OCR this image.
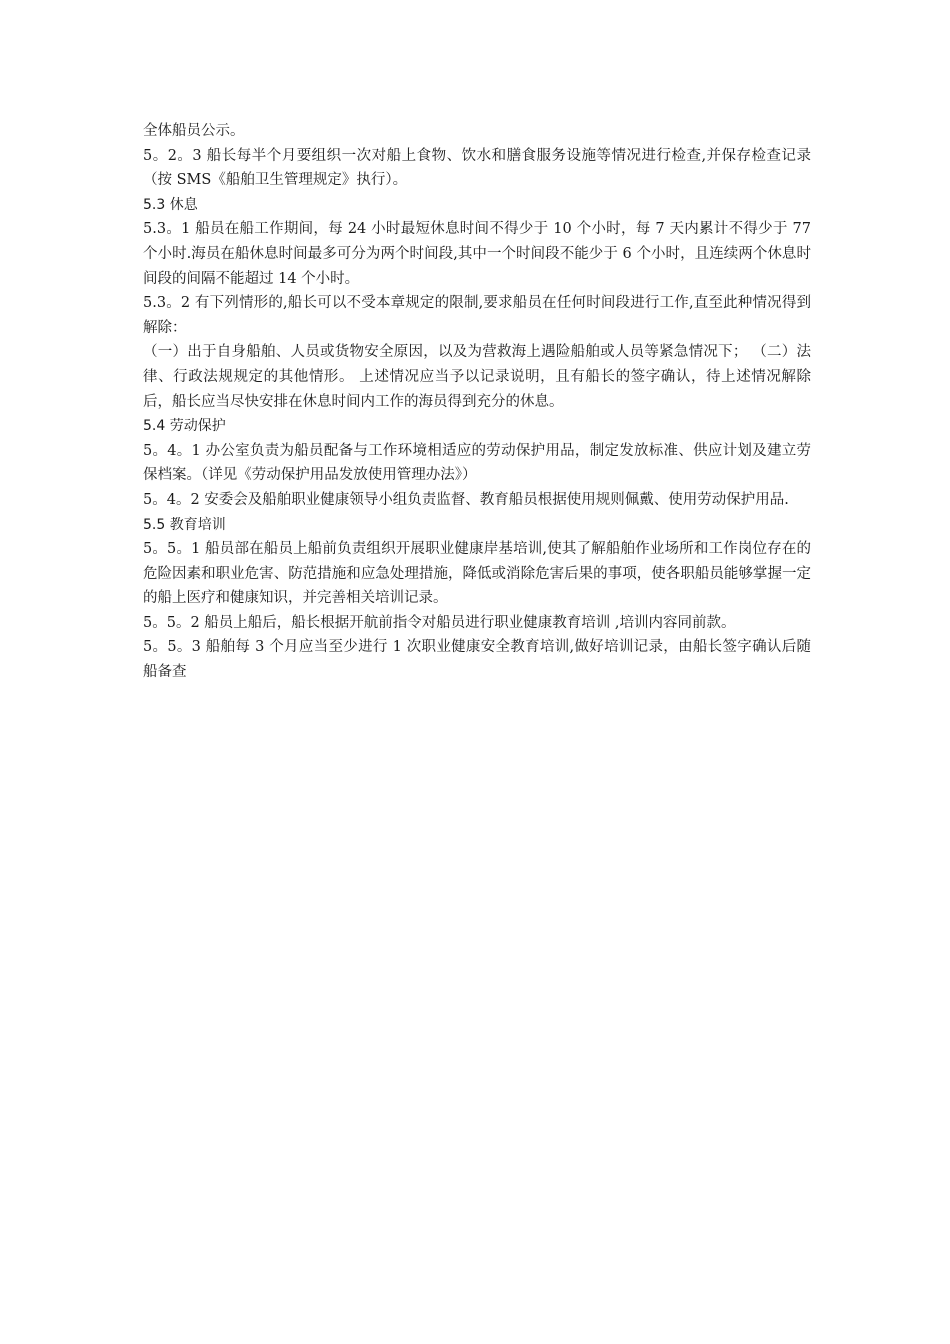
全体船员公示。

5。2。3 船长每半个月要组织一次对船上食物、饮水和膳食服务设施等情况进行检查,并保存检查记录（按 SMS《船舶卫生管理规定》执行）。

5.3 休息

5.3。1 船员在船工作期间，每 24 小时最短休息时间不得少于 10 个小时，每 7 天内累计不得少于 77 个小时.海员在船休息时间最多可分为两个时间段,其中一个时间段不能少于 6 个小时，且连续两个休息时间段的间隔不能超过 14 个小时。

5.3。2 有下列情形的,船长可以不受本章规定的限制,要求船员在任何时间段进行工作,直至此种情况得到解除：

（一）出于自身船舶、人员或货物安全原因，以及为营救海上遇险船舶或人员等紧急情况下； （二）法律、行政法规规定的其他情形。 上述情况应当予以记录说明，且有船长的签字确认，待上述情况解除后，船长应当尽快安排在休息时间内工作的海员得到充分的休息。

5.4 劳动保护

5。4。1 办公室负责为船员配备与工作环境相适应的劳动保护用品，制定发放标准、供应计划及建立劳保档案。（详见《劳动保护用品发放使用管理办法》）

5。4。2 安委会及船舶职业健康领导小组负责监督、教育船员根据使用规则佩戴、使用劳动保护用品.

5.5 教育培训

5。5。1 船员部在船员上船前负责组织开展职业健康岸基培训,使其了解船舶作业场所和工作岗位存在的危险因素和职业危害、防范措施和应急处理措施，降低或消除危害后果的事项，使各职船员能够掌握一定的船上医疗和健康知识，并完善相关培训记录。

5。5。2 船员上船后，船长根据开航前指令对船员进行职业健康教育培训 ,培训内容同前款。

5。5。3 船舶每 3 个月应当至少进行 1 次职业健康安全教育培训,做好培训记录，由船长签字确认后随船备查
